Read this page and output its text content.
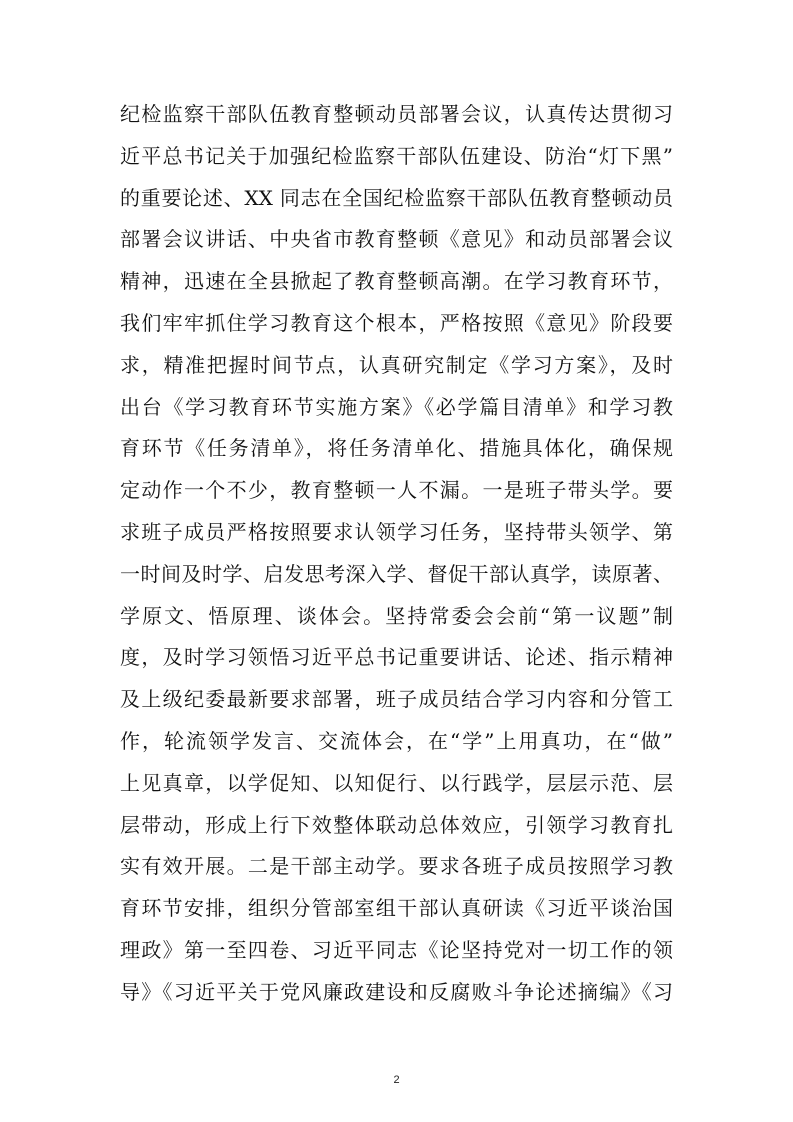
纪检监察干部队伍教育整顿动员部署会议，认真传达贯彻习
近平总书记关于加强纪检监察干部队伍建设、防治“灯下黑”
的重要论述、XX 同志在全国纪检监察干部队伍教育整顿动员
部署会议讲话、中央省市教育整顿《意见》和动员部署会议
精神，迅速在全县掀起了教育整顿高潮。在学习教育环节，
我们牢牢抓住学习教育这个根本，严格按照《意见》阶段要
求，精准把握时间节点，认真研究制定《学习方案》，及时
出台《学习教育环节实施方案》《必学篇目清单》和学习教
育环节《任务清单》，将任务清单化、措施具体化，确保规
定动作一个不少，教育整顿一人不漏。一是班子带头学。要
求班子成员严格按照要求认领学习任务，坚持带头领学、第
一时间及时学、启发思考深入学、督促干部认真学，读原著、
学原文、悟原理、谈体会。坚持常委会会前“第一议题”制
度，及时学习领悟习近平总书记重要讲话、论述、指示精神
及上级纪委最新要求部署，班子成员结合学习内容和分管工
作，轮流领学发言、交流体会，在“学”上用真功，在“做”
上见真章，以学促知、以知促行、以行践学，层层示范、层
层带动，形成上行下效整体联动总体效应，引领学习教育扎
实有效开展。二是干部主动学。要求各班子成员按照学习教
育环节安排，组织分管部室组干部认真研读《习近平谈治国
理政》第一至四卷、习近平同志《论坚持党对一切工作的领
导》《习近平关于党风廉政建设和反腐败斗争论述摘编》《习
2
